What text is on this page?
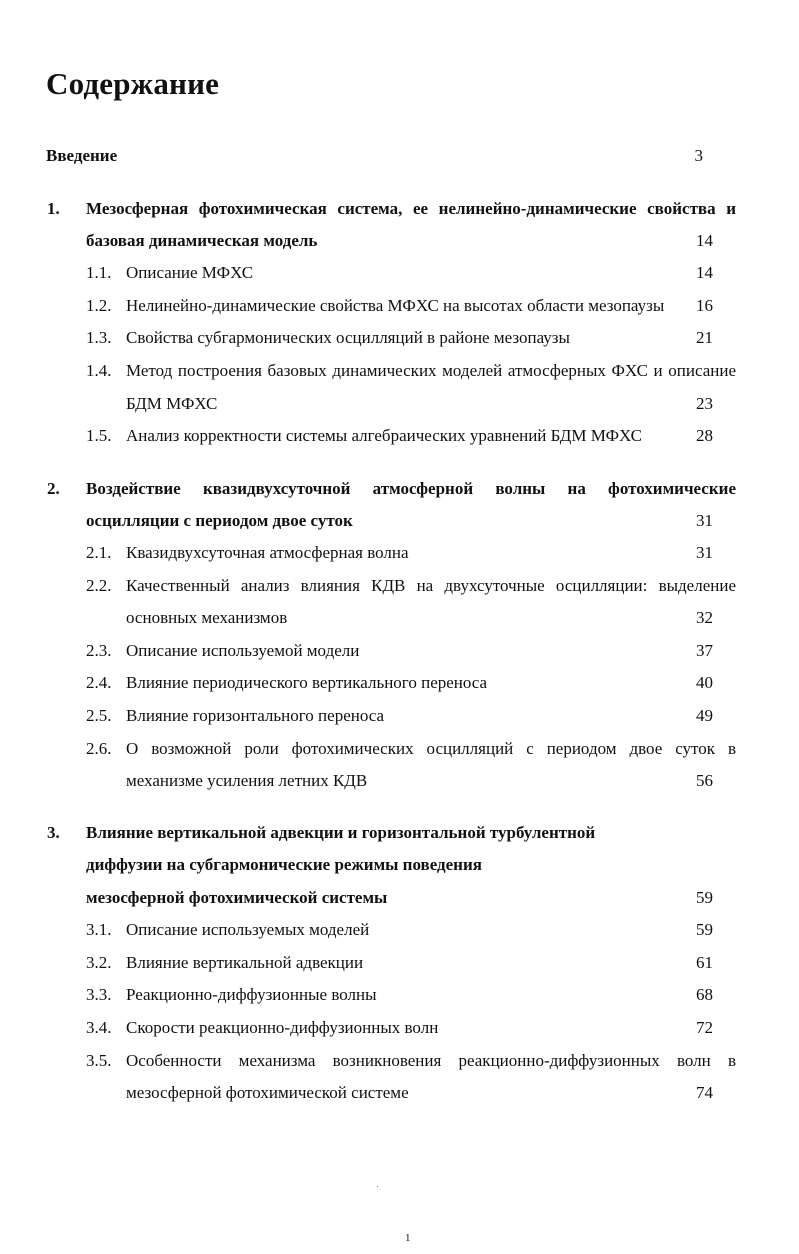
Содержание
Введение	3
1. Мезосферная фотохимическая система, ее нелинейно-динамические свойства и
базовая динамическая модель	14
1.1. Описание МФХС	14
1.2. Нелинейно-динамические свойства МФХС на высотах области мезопаузы 16
1.3. Свойства субгармонических осцилляций в районе мезопаузы	21
1.4. Метод построения базовых динамических моделей атмосферных ФХС и описание
БДМ МФХС	23
1.5. Анализ корректности системы алгебраических уравнений БДМ МФХС	28
2. Воздействие квазидвухсуточной атмосферной волны на фотохимические
осцилляции с периодом двое суток	31
2.1. Квазидвухсуточная атмосферная волна	31
2.2. Качественный анализ влияния КДВ на двухсуточные осцилляции: выделение
основных механизмов	32
2.3. Описание используемой модели	37
2.4. Влияние периодического вертикального переноса	40
2.5. Влияние горизонтального переноса	49
2.6. О возможной роли фотохимических осцилляций с периодом двое суток в
механизме усиления летних КДВ	56
3. Влияние вертикальной адвекции и горизонтальной турбулентной
диффузии на субгармонические режимы поведения
мезосферной фотохимической системы	59
3.1. Описание используемых моделей	59
3.2. Влияние вертикальной адвекции	61
3.3. Реакционно-диффузионные волны	68
3.4. Скорости реакционно-диффузионных волн	72
3.5. Особенности механизма возникновения реакционно-диффузионных волн в
мезосферной фотохимической системе	74
1
